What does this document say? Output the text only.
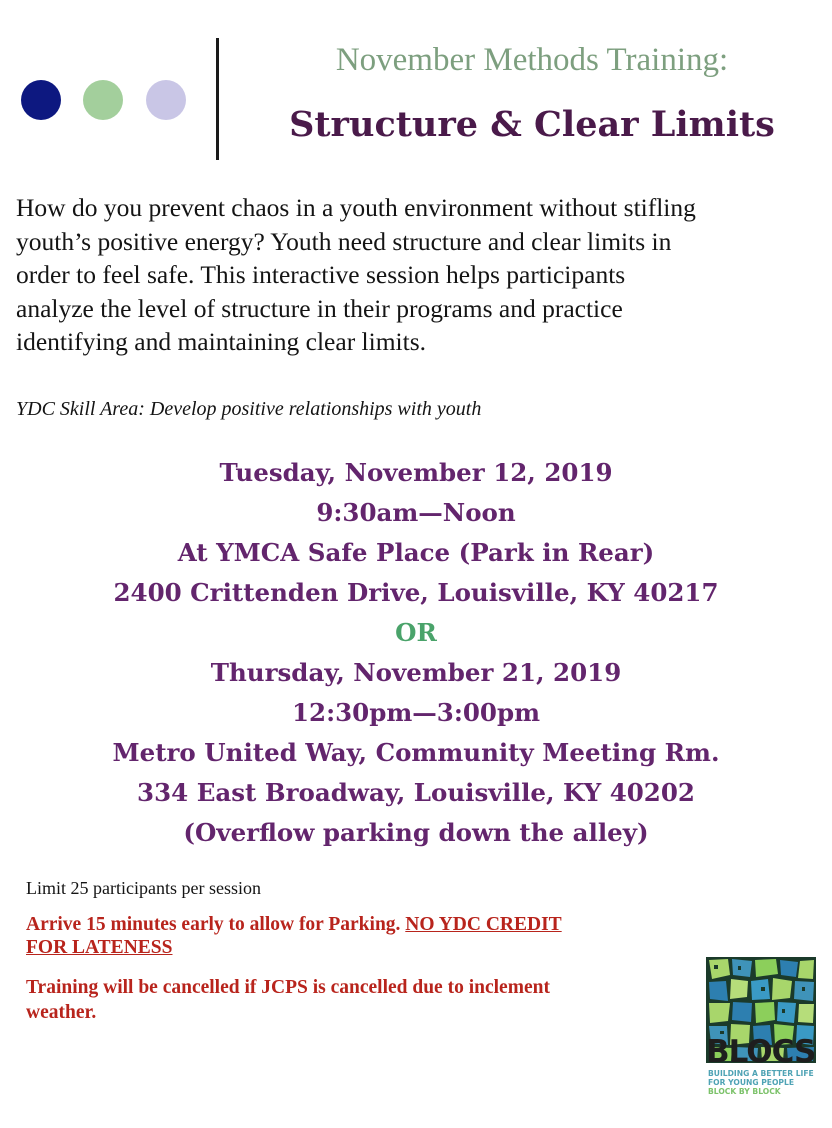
November Methods Training:
Structure & Clear Limits
How do you prevent chaos in a youth environment without stifling
youth’s positive energy? Youth need structure and clear limits in
order to feel safe. This interactive session helps participants
analyze the level of structure in their programs and practice
identifying and maintaining clear limits.
YDC Skill Area: Develop positive relationships with youth
Tuesday, November 12, 2019
9:30am—Noon
At YMCA Safe Place (Park in Rear)
2400 Crittenden Drive, Louisville, KY 40217
OR
Thursday, November 21, 2019
12:30pm—3:00pm
Metro United Way, Community Meeting Rm.
334 East Broadway, Louisville, KY 40202
(Overflow parking down the alley)
Limit 25 participants per session
Arrive 15 minutes early to allow for Parking. NO YDC CREDIT
FOR LATENESS
Training will be cancelled if JCPS is cancelled due to inclement
weather.
BLOCS
BUILDING A BETTER LIFE
FOR YOUNG PEOPLE
BLOCK BY BLOCK
